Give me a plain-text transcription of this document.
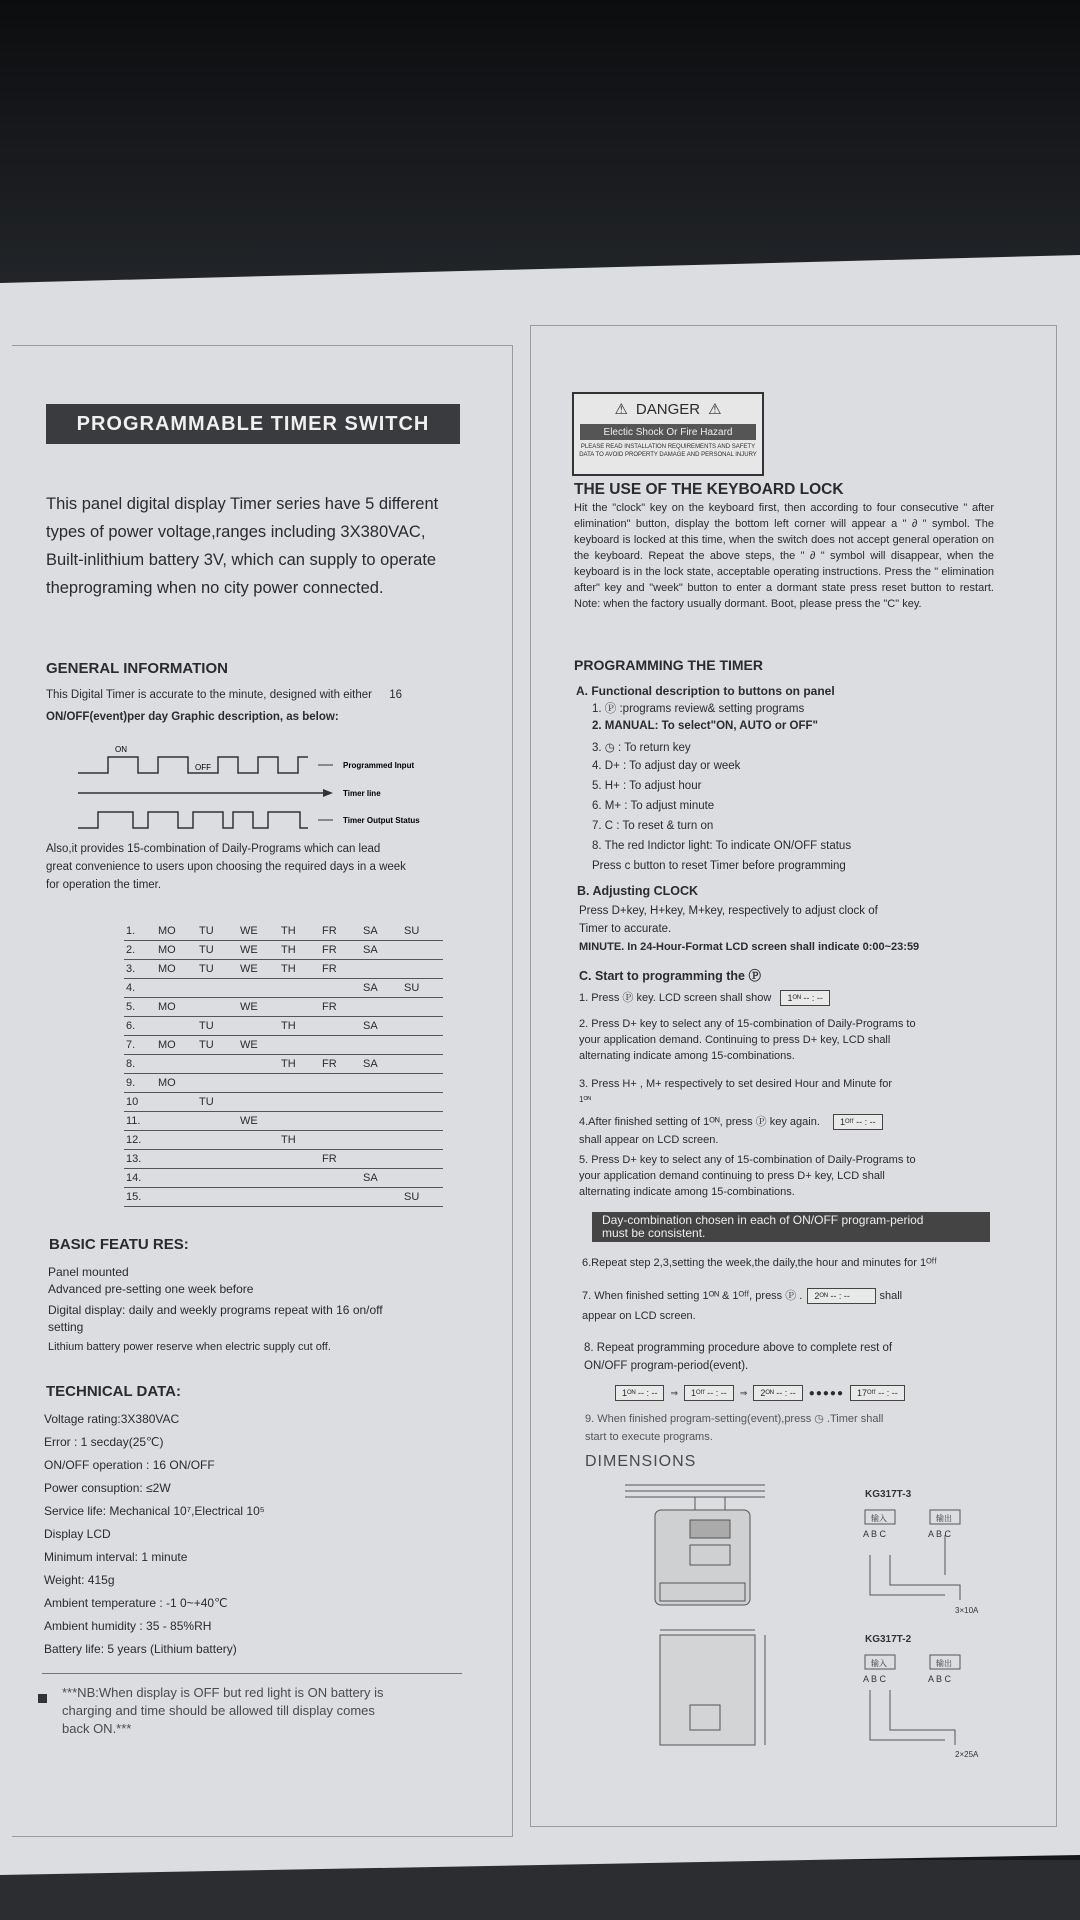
PROGRAMMABLE TIMER SWITCH
This panel digital display Timer series have 5 different
types of power voltage,ranges including 3X380VAC,
Built-inlithium battery 3V, which can supply to operate
theprograming when no city power connected.
GENERAL INFORMATION
This Digital Timer is accurate to the minute, designed with either 16
ON/OFF(event)per day Graphic description, as below:
ON
OFF	Programmed Input
Timer line
Timer Output Status
Also,it provides 15-combination of Daily-Programs which can lead
great convenience to users upon choosing the required days in a week
for operation the timer.
1.	MO	TU	WE	TH	FR	SA	SU
2.	MO	TU	WE	TH	FR	SA	
3.	MO	TU	WE	TH	FR		
4.						SA	SU
5.	MO		WE		FR		
6.		TU		TH		SA	
7.	MO	TU	WE				
8.				TH	FR	SA	
9.	MO						
10		TU					
11.			WE				
12.				TH			
13.					FR		
14.						SA	
15.							SU
BASIC FEATU RES:
Panel mounted
Advanced pre-setting one week before
Digital display: daily and weekly programs repeat with 16 on/off
setting
Lithium battery power reserve when electric supply cut off.
TECHNICAL DATA:
Voltage rating:3X380VAC
Error : 1 secday(25℃)
ON/OFF operation : 16 ON/OFF
Power consuption: ≤2W
Service life: Mechanical 10⁷,Electrical 10⁵
Display LCD
Minimum interval: 1 minute
Weight: 415g
Ambient temperature : -1 0~+40℃
Ambient humidity : 35 - 85%RH
Battery life: 5 years (Lithium battery)
***NB:When display is OFF but red light is ON battery is
charging and time should be allowed till display comes
back ON.***
⚠ DANGER ⚠
Electic Shock Or Fire Hazard
PLEASE READ INSTALLATION REQUIREMENTS AND SAFETY DATA TO AVOID PROPERTY DAMAGE AND PERSONAL INJURY
THE USE OF THE KEYBOARD LOCK
Hit the "clock" key on the keyboard first, then according to four consecutive " after elimination" button, display the bottom left corner will appear a " ∂ " symbol. The keyboard is locked at this time, when the switch does not accept general operation on the keyboard. Repeat the above steps, the " ∂ " symbol will disappear, when the keyboard is in the lock state, acceptable operating instructions. Press the " elimination after" key and "week" button to enter a dormant state press reset button to restart. Note: when the factory usually dormant. Boot, please press the "C" key.
PROGRAMMING THE TIMER
A. Functional description to buttons on panel
1. Ⓟ :programs review& setting programs
2. MANUAL: To select"ON, AUTO or OFF"
3. ◷ : To return key
4. D+ : To adjust day or week
5. H+ : To adjust hour
6. M+ : To adjust minute
7. C : To reset & turn on
8. The red Indictor light: To indicate ON/OFF status
Press c button to reset Timer before programming
B. Adjusting CLOCK
Press D+key, H+key, M+key, respectively to adjust clock of
Timer to accurate.
MINUTE. In 24-Hour-Format LCD screen shall indicate 0:00~23:59
C. Start to programming the Ⓟ
1. Press Ⓟ key. LCD screen shall show 1ᴼᴺ -- : --
2. Press D+ key to select any of 15-combination of Daily-Programs to
your application demand. Continuing to press D+ key, LCD shall
alternating indicate among 15-combinations.
3. Press H+ , M+ respectively to set desired Hour and Minute for
1ᴼᴺ
4.After finished setting of 1ᴼᴺ, press Ⓟ key again. 1ᴼᶠᶠ -- : --
shall appear on LCD screen.
5. Press D+ key to select any of 15-combination of Daily-Programs to
your application demand continuing to press D+ key, LCD shall
alternating indicate among 15-combinations.
Day-combination chosen in each of ON/OFF program-period
must be consistent.
6.Repeat step 2,3,setting the week,the daily,the hour and minutes for 1ᴼᶠᶠ
7. When finished setting 1ᴼᴺ & 1ᴼᶠᶠ, press Ⓟ . 2ᴼᴺ -- : --	shall
appear on LCD screen.
8. Repeat programming procedure above to complete rest of
ON/OFF program-period(event).
1ᴼᴺ -- : --	⇒	1ᴼᶠᶠ -- : --	⇒	2ᴼᴺ -- : --	●●●●●	17ᴼᶠᶠ -- : --
9. When finished program-setting(event),press ◷ .Timer shall
start to execute programs.
DIMENSIONS
KG317T-3
输入	输出
A B C	A B C
3×10A
KG317T-2
输入	输出
A B C	A B C
2×25A
